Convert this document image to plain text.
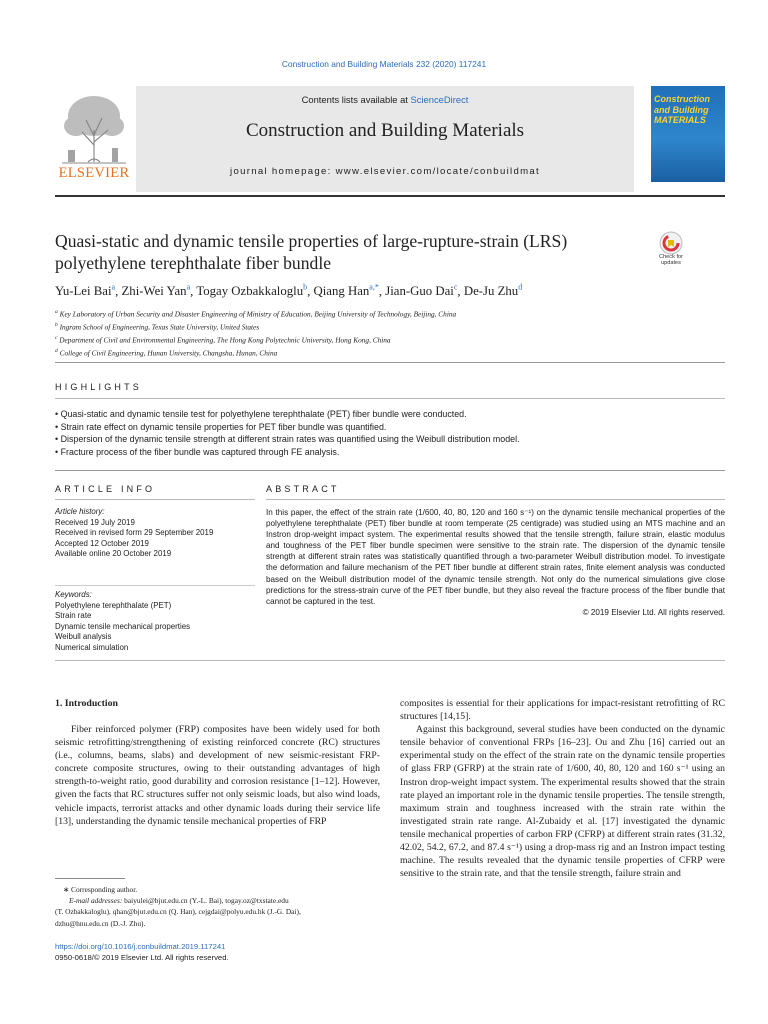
Construction and Building Materials 232 (2020) 117241
Contents lists available at ScienceDirect
Construction and Building Materials
journal homepage: www.elsevier.com/locate/conbuildmat
ELSEVIER
Construction
and Building
MATERIALS
Quasi-static and dynamic tensile properties of large-rupture-strain (LRS)
polyethylene terephthalate fiber bundle	Check for
updates
Yu-Lei Bai$^a$, Zhi-Wei Yan$^a$, Togay Ozbakkaloglu$^b$, Qiang Han$^{a,*}$, Jian-Guo Dai$^c$, De-Ju Zhu$^d$
$^a$ Key Laboratory of Urban Security and Disaster Engineering of Ministry of Education, Beijing University of Technology, Beijing, China
$^b$ Ingram School of Engineering, Texas State University, United States
$^c$ Department of Civil and Environmental Engineering, The Hong Kong Polytechnic University, Hong Kong, China
$^d$ College of Civil Engineering, Hunan University, Changsha, Hunan, China
HIGHLIGHTS
• Quasi-static and dynamic tensile test for polyethylene terephthalate (PET) fiber bundle were conducted.
• Strain rate effect on dynamic tensile properties for PET fiber bundle was quantified.
• Dispersion of the dynamic tensile strength at different strain rates was quantified using the Weibull distribution model.
• Fracture process of the fiber bundle was captured through FE analysis.
ARTICLE INFO	ABSTRACT
Article history:
Received 19 July 2019
Received in revised form 29 September 2019
Accepted 12 October 2019
Available online 20 October 2019
Keywords:
Polyethylene terephthalate (PET)
Strain rate
Dynamic tensile mechanical properties
Weibull analysis
Numerical simulation
In this paper, the effect of the strain rate (1/600, 40, 80, 120 and 160 s⁻¹) on the dynamic tensile mechanical properties of the polyethylene terephthalate (PET) fiber bundle at room temperate (25 centigrade) was studied using an MTS machine and an Instron drop-weight impact system. The experimental results showed that the tensile strength, failure strain, elastic modulus and toughness of the PET fiber bundle specimen were sensitive to the strain rate. The dispersion of the dynamic tensile strength at different strain rates was statistically quantified through a two-parameter Weibull distribution model. To investigate the deformation and failure mechanism of the PET fiber bundle at different strain rates, finite element analysis was conducted based on the Weibull distribution model of the dynamic tensile strength. Not only do the numerical simulations give close predictions for the stress-strain curve of the PET fiber bundle, but they also reveal the fracture process of the fiber bundle that cannot be captured in the test.
© 2019 Elsevier Ltd. All rights reserved.
1. Introduction

Fiber reinforced polymer (FRP) composites have been widely used for both seismic retrofitting/strengthening of existing reinforced concrete (RC) structures (i.e., columns, beams, slabs) and development of new seismic-resistant FRP-concrete composite structures, owing to their outstanding advantages of high strength-to-weight ratio, good durability and corrosion resistance [1–12]. However, given the facts that RC structures suffer not only seismic loads, but also wind loads, vehicle impacts, terrorist attacks and other dynamic loads during their service life [13], understanding the dynamic tensile mechanical properties of FRP

composites is essential for their applications for impact-resistant retrofitting of RC structures [14,15].

Against this background, several studies have been conducted on the dynamic tensile behavior of conventional FRPs [16–23]. Ou and Zhu [16] carried out an experimental study on the effect of the strain rate on the dynamic tensile properties of glass FRP (GFRP) at the strain rate of 1/600, 40, 80, 120 and 160 s⁻¹ using an Instron drop-weight impact system. The experimental results showed that the strain rate played an important role in the dynamic tensile properties. The tensile strength, maximum strain and toughness increased with the strain rate within the investigated strain rate range. Al-Zubaidy et al. [17] investigated the dynamic tensile mechanical properties of carbon FRP (CFRP) at different strain rates (31.32, 42.02, 54.2, 67.2, and 87.4 s⁻¹) using a drop-mass rig and an Instron impact testing machine. The results revealed that the dynamic tensile properties of CFRP were sensitive to the strain rate, and that the tensile strength, failure strain and

∗ Corresponding author.

E-mail addresses: baiyulei@bjut.edu.cn (Y.-L. Bai), togay.oz@txstate.edu

(T. Ozbakkaloglu), qhan@bjut.edu.cn (Q. Han), cejgdai@polyu.edu.hk (J.-G. Dai),

dzhu@hnu.edu.cn (D.-J. Zhu).

https://doi.org/10.1016/j.conbuildmat.2019.117241
0950-0618/© 2019 Elsevier Ltd. All rights reserved.
